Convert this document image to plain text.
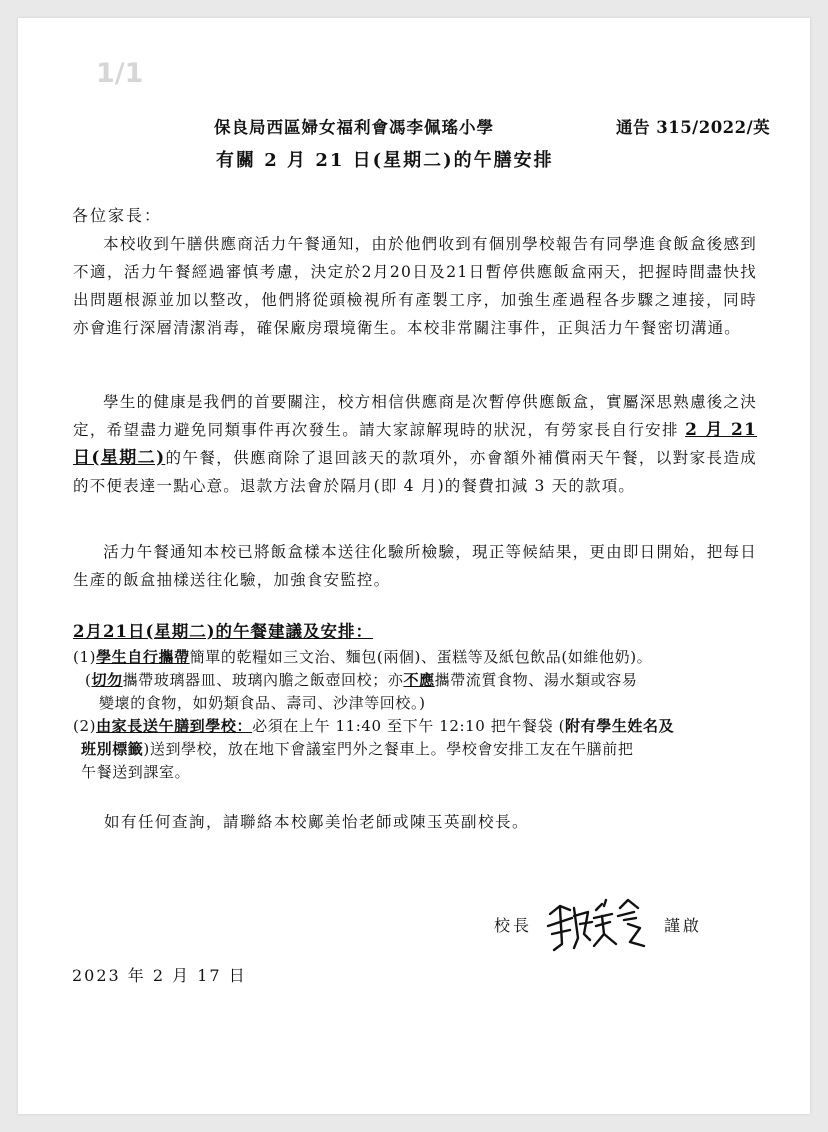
1/1
保良局西區婦女福利會馮李佩瑤小學	通告 315/2022/英
有關 2 月 21 日(星期二)的午膳安排
各位家長：
本校收到午膳供應商活力午餐通知，由於他們收到有個別學校報告有同學進食飯盒後感到不適，活力午餐經過審慎考慮，決定於2月20日及21日暫停供應飯盒兩天，把握時間盡快找出問題根源並加以整改，他們將從頭檢視所有產製工序，加強生產過程各步驟之連接，同時亦會進行深層清潔消毒，確保廠房環境衛生。本校非常關注事件，正與活力午餐密切溝通。
學生的健康是我們的首要關注，校方相信供應商是次暫停供應飯盒，實屬深思熟慮後之決定，希望盡力避免同類事件再次發生。請大家諒解現時的狀況，有勞家長自行安排 2 月 21 日(星期二)的午餐，供應商除了退回該天的款項外，亦會額外補償兩天午餐，以對家長造成的不便表達一點心意。退款方法會於隔月(即 4 月)的餐費扣減 3 天的款項。
活力午餐通知本校已將飯盒樣本送往化驗所檢驗，現正等候結果，更由即日開始，把每日生產的飯盒抽樣送往化驗，加強食安監控。
2月21日(星期二)的午餐建議及安排：
(1)學生自行攜帶簡單的乾糧如三文治、麵包(兩個)、蛋糕等及紙包飲品(如維他奶)。
(切勿攜帶玻璃器皿、玻璃內膽之飯壺回校；亦不應攜帶流質食物、湯水類或容易
變壞的食物，如奶類食品、壽司、沙津等回校。)
(2)由家長送午膳到學校：必須在上午 11:40 至下午 12:10 把午餐袋 (附有學生姓名及
班別標籤)送到學校，放在地下會議室門外之餐車上。學校會安排工友在午膳前把
午餐送到課室。
如有任何查詢，請聯絡本校鄺美怡老師或陳玉英副校長。
校長	謹啟
2023 年 2 月 17 日
